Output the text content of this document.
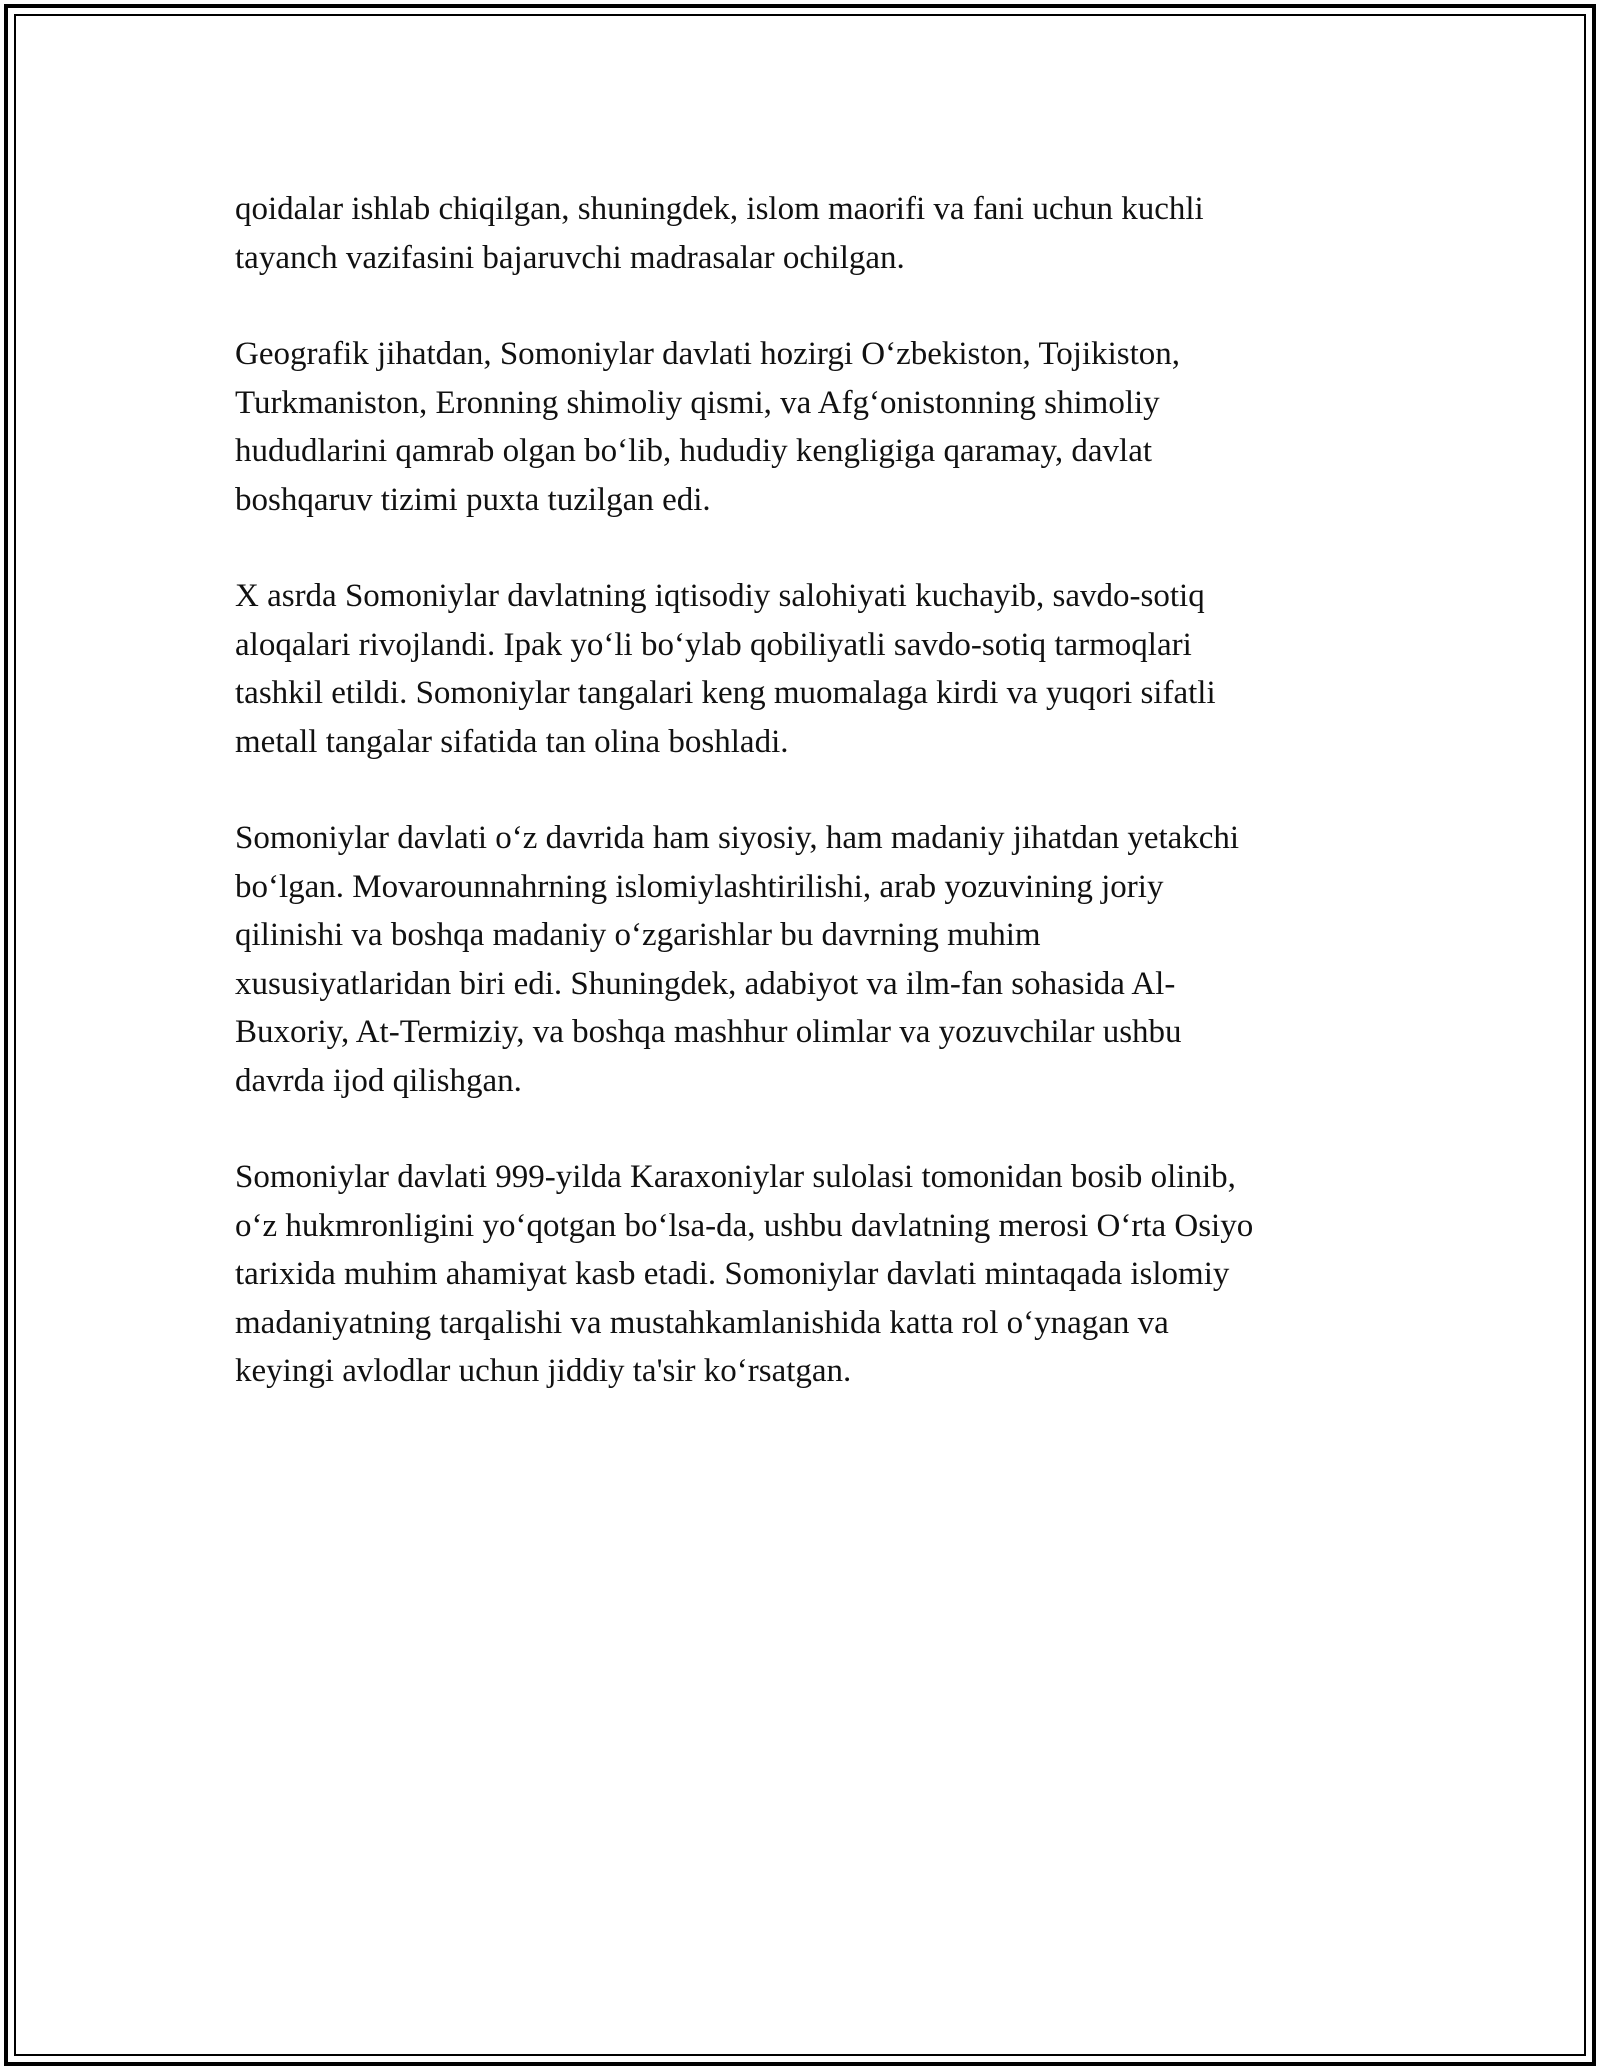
qoidalar ishlab chiqilgan, shuningdek, islom maorifi va fani uchun kuchli
tayanch vazifasini bajaruvchi madrasalar ochilgan.

Geografik jihatdan, Somoniylar davlati hozirgi O‘zbekiston, Tojikiston,
Turkmaniston, Eronning shimoliy qismi, va Afg‘onistonning shimoliy
hududlarini qamrab olgan bo‘lib, hududiy kengligiga qaramay, davlat
boshqaruv tizimi puxta tuzilgan edi.

X asrda Somoniylar davlatning iqtisodiy salohiyati kuchayib, savdo-sotiq
aloqalari rivojlandi. Ipak yo‘li bo‘ylab qobiliyatli savdo-sotiq tarmoqlari
tashkil etildi. Somoniylar tangalari keng muomalaga kirdi va yuqori sifatli
metall tangalar sifatida tan olina boshladi.

Somoniylar davlati o‘z davrida ham siyosiy, ham madaniy jihatdan yetakchi
bo‘lgan. Movarounnahrning islomiylashtirilishi, arab yozuvining joriy
qilinishi va boshqa madaniy o‘zgarishlar bu davrning muhim
xususiyatlaridan biri edi. Shuningdek, adabiyot va ilm-fan sohasida Al-
Buxoriy, At-Termiziy, va boshqa mashhur olimlar va yozuvchilar ushbu
davrda ijod qilishgan.

Somoniylar davlati 999-yilda Karaxoniylar sulolasi tomonidan bosib olinib,
o‘z hukmronligini yo‘qotgan bo‘lsa-da, ushbu davlatning merosi O‘rta Osiyo
tarixida muhim ahamiyat kasb etadi. Somoniylar davlati mintaqada islomiy
madaniyatning tarqalishi va mustahkamlanishida katta rol o‘ynagan va
keyingi avlodlar uchun jiddiy ta'sir ko‘rsatgan.
